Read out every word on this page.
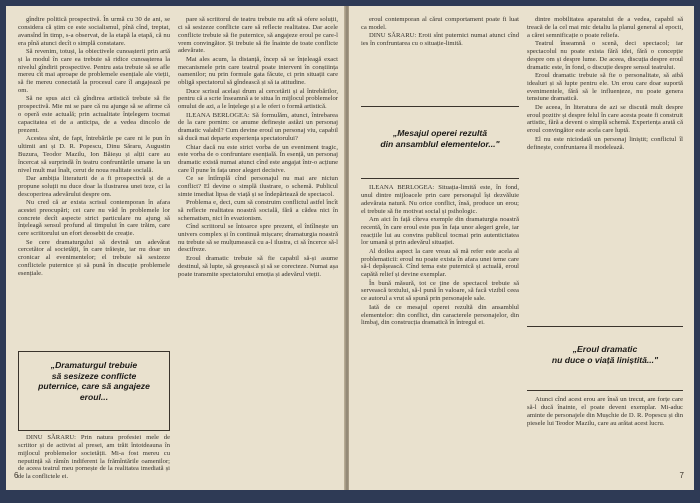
gîndire politică prospectivă. În urmă cu 30 de ani, se considera că știm ce este socialismul, pînă cînd, treptat, avansînd în timp, s-a observat, de la etapă la etapă, că nu era pînă atunci decît o simplă constatare.

Să revenim, totuși, la obiectivele cunoașterii prin artă și la modul în care ea trebuie să ridice cunoașterea la nivelul gîndirii prospective. Pentru asta trebuie să se afle mereu cît mai aproape de problemele esențiale ale vieții, să fie mereu conectată la procesul care îl angajează pe om.

Să ne spus aici că gîndirea artistică trebuie să fie prospectivă. Mie mi se pare că nu ajunge să se afirme că o operă este actuală; prin actualitate înțelegem tocmai capacitatea ei de a anticipa, de a vedea dincolo de prezent.

Acestea sînt, de fapt, întrebările pe care ni le pun în ultimii ani și D. R. Popescu, Dinu Săraru, Augustin Buzura, Teodor Mazilu, Ion Băieșu și alții care au încercat să surprindă în teatru confruntările umane la un nivel mult mai înalt, cerut de noua realitate socială.

Dar ambiția literaturii de a fi prospectivă și de a propune soluții nu duce doar la ilustrarea unei teze, ci la descoperirea adevărului despre om.

Nu cred că ar exista scrisul contemporan în afara acestei preocupări; cei care nu văd în problemele lor concrete decît aspecte strict particulare nu ajung să înțeleagă sensul profund al timpului în care trăim, care cere scriitorului un efort deosebit de creație.

Se cere dramaturgului să devină un adevărat cercetător al societății, în care trăiește, iar nu doar un cronicar al evenimentelor; el trebuie să sesizeze conflictele puternice și să pună în discuție problemele esențiale.

pare să scriitorul de teatru trebuie nu atît să ofere soluții, ci să sesizeze conflicte care să reflecte realitatea. Dar acele conflicte trebuie să fie puternice, să angajeze eroul pe care-l vrem convingător. Și trebuie să fie înainte de toate conflicte adevărate.

Mai ales acum, la distanță, încep să se înțeleagă exact mecanismele prin care teatrul poate interveni în conștiința oamenilor; nu prin formule gata făcute, ci prin situații care obligă spectatorul să gîndească și să ia atitudine.

Duce scrisul același drum al cercetării și al întrebărilor, pentru că a scrie înseamnă a te situa în mijlocul problemelor omului de azi, a le înțelege și a le oferi o formă artistică.

ILEANA BERLOGEA: Să formulăm, atunci, întrebarea de la care pornim: ce anume definește astăzi un personaj dramatic valabil? Cum devine eroul un personaj viu, capabil să ducă mai departe experiența spectatorului?

Chiar dacă nu este strict vorba de un eveniment tragic, este vorba de o confruntare esențială. În esență, un personaj dramatic există numai atunci cînd este angajat într-o acțiune care îl pune în fața unor alegeri decisive.

Ce se întîmplă cînd personajul nu mai are niciun conflict? El devine o simplă ilustrare, o schemă. Publicul simte imediat lipsa de viață și se îndepărtează de spectacol.

Problema e, deci, cum să construim conflictul astfel încît să reflecte realitatea noastră socială, fără a cădea nici în schematism, nici în evazionism.

Cînd scriitorul se întoarce spre prezent, el întîlnește un univers complex și în continuă mișcare; dramaturgia noastră nu trebuie să se mulțumească cu a-l ilustra, ci să încerce să-l descifreze.

Eroul dramatic trebuie să fie capabil să-și asume destinul, să lupte, să greșească și să se corecteze. Numai așa poate transmite spectatorului emoția și adevărul vieții.

„Dramaturgul trebuie
să sesizeze conflicte
puternice, care să angajeze
eroul...

DINU SĂRARU: Prin natura profesiei mele de scriitor și de activist al presei, am trăit întotdeauna în mijlocul problemelor societății. Mi-a fost mereu cu neputință să rămîn indiferent la frămîntările oamenilor; de aceea teatrul meu pornește de la realitatea imediată și de la conflictele ei.

6

eroul contemporan al cărui comportament poate fi luat ca model.

DINU SĂRARU: Eroii sînt puternici numai atunci cînd ies în confruntarea cu o situație-limită.

„Mesajul operei rezultă
din ansamblul elementelor..."

ILEANA BERLOGEA: Situația-limită este, în fond, unul dintre mijloacele prin care personajul își dezvăluie adevărata natură. Nu orice conflict, însă, produce un erou; el trebuie să fie motivat social și psihologic.

Am aici în față cîteva exemple din dramaturgia noastră recentă, în care eroul este pus în fața unor alegeri grele, iar reacțiile lui au convins publicul tocmai prin autenticitatea lor umană și prin adevărul situației.

Al doilea aspect la care vreau să mă refer este acela al problematicii: eroul nu poate exista în afara unei teme care să-l depășească. Cînd tema este puternică și actuală, eroul capătă relief și devine exemplar.

În bună măsură, tot ce ține de spectacol trebuie să servească textului, să-l pună în valoare, să facă vizibil ceea ce autorul a vrut să spună prin personajele sale.

Iată de ce mesajul operei rezultă din ansamblul elementelor: din conflict, din caracterele personajelor, din limbaj, din construcția dramatică în întregul ei.

dintre mobilitatea aparatului de a vedea, capabil să treacă de la cel mai mic detaliu la planul general al epocii, a cărei semnificație o poate reliefa.

Teatrul înseamnă o scenă, deci spectacol; iar spectacolul nu poate exista fără idei, fără o concepție despre om și despre lume. De aceea, discuția despre eroul dramatic este, în fond, o discuție despre sensul teatrului.

Eroul dramatic trebuie să fie o personalitate, să aibă idealuri și să lupte pentru ele. Un erou care doar suportă evenimentele, fără să le influențeze, nu poate genera tensiune dramatică.

De aceea, în literatura de azi se discută mult despre eroul pozitiv și despre felul în care acesta poate fi construit artistic, fără a deveni o simplă schemă. Experiența arată că eroul convingător este acela care luptă.

El nu este niciodată un personaj liniștit; conflictul îl definește, confruntarea îl modelează.

„Eroul dramatic
nu duce o viață liniștită..."

Atunci cînd acest erou are însă un trecut, are forțe care să-l ducă înainte, el poate deveni exemplar. Mi-aduc aminte de personajele din Mușchie de D. R. Popescu și din piesele lui Teodor Mazilu, care au arătat acest lucru.

7
